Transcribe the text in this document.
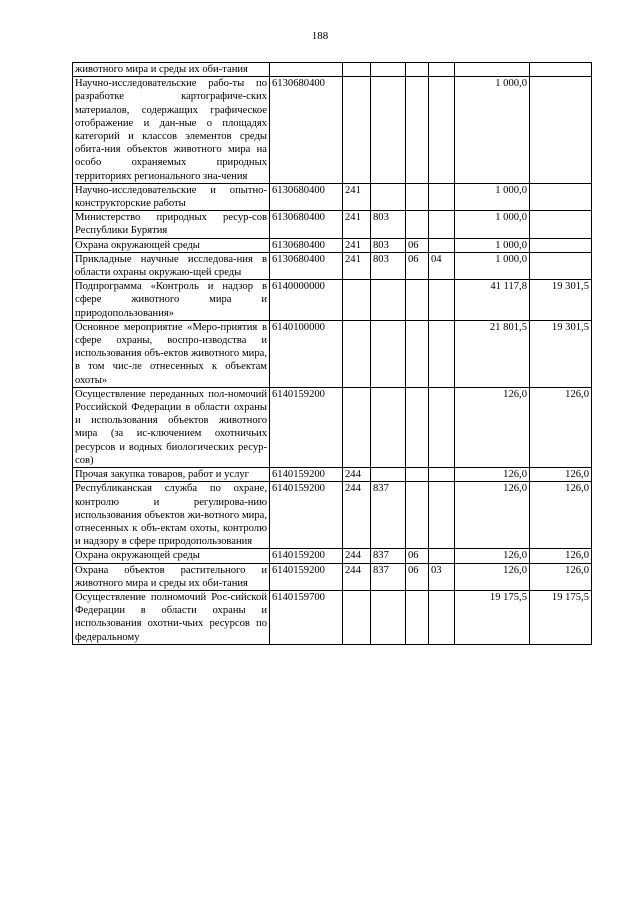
188
животного мира и среды их оби-тания							
Научно-исследовательские рабо-ты по разработке картографиче-ских материалов, содержащих графическое отображение и дан-ные о площадях категорий и классов элементов среды обита-ния объектов животного мира на особо охраняемых природных территориях регионального зна-чения	6130680400					1 000,0	
Научно-исследовательские и опытно-конструкторские работы	6130680400	241				1 000,0	
Министерство природных ресур-сов Республики Бурятия	6130680400	241	803			1 000,0	
Охрана окружающей среды	6130680400	241	803	06		1 000,0	
Прикладные научные исследова-ния в области охраны окружаю-щей среды	6130680400	241	803	06	04	1 000,0	
Подпрограмма «Контроль и надзор в сфере животного мира и природопользования»	6140000000					41 117,8	19 301,5
Основное мероприятие «Меро-приятия в сфере охраны, воспро-изводства и использования объ-ектов животного мира, в том чис-ле отнесенных к объектам охоты»	6140100000					21 801,5	19 301,5
Осуществление переданных пол-номочий Российской Федерации в области охраны и использования объектов животного мира (за ис-ключением охотничьих ресурсов и водных биологических ресур-сов)	6140159200					126,0	126,0
Прочая закупка товаров, работ и услуг	6140159200	244				126,0	126,0
Республиканская служба по охране, контролю и регулирова-нию использования объектов жи-вотного мира, отнесенных к объ-ектам охоты, контролю и надзору в сфере природопользования	6140159200	244	837			126,0	126,0
Охрана окружающей среды	6140159200	244	837	06		126,0	126,0
Охрана объектов растительного и животного мира и среды их оби-тания	6140159200	244	837	06	03	126,0	126,0
Осуществление полномочий Рос-сийской Федерации в области охраны и использования охотни-чьих ресурсов по федеральному	6140159700					19 175,5	19 175,5
